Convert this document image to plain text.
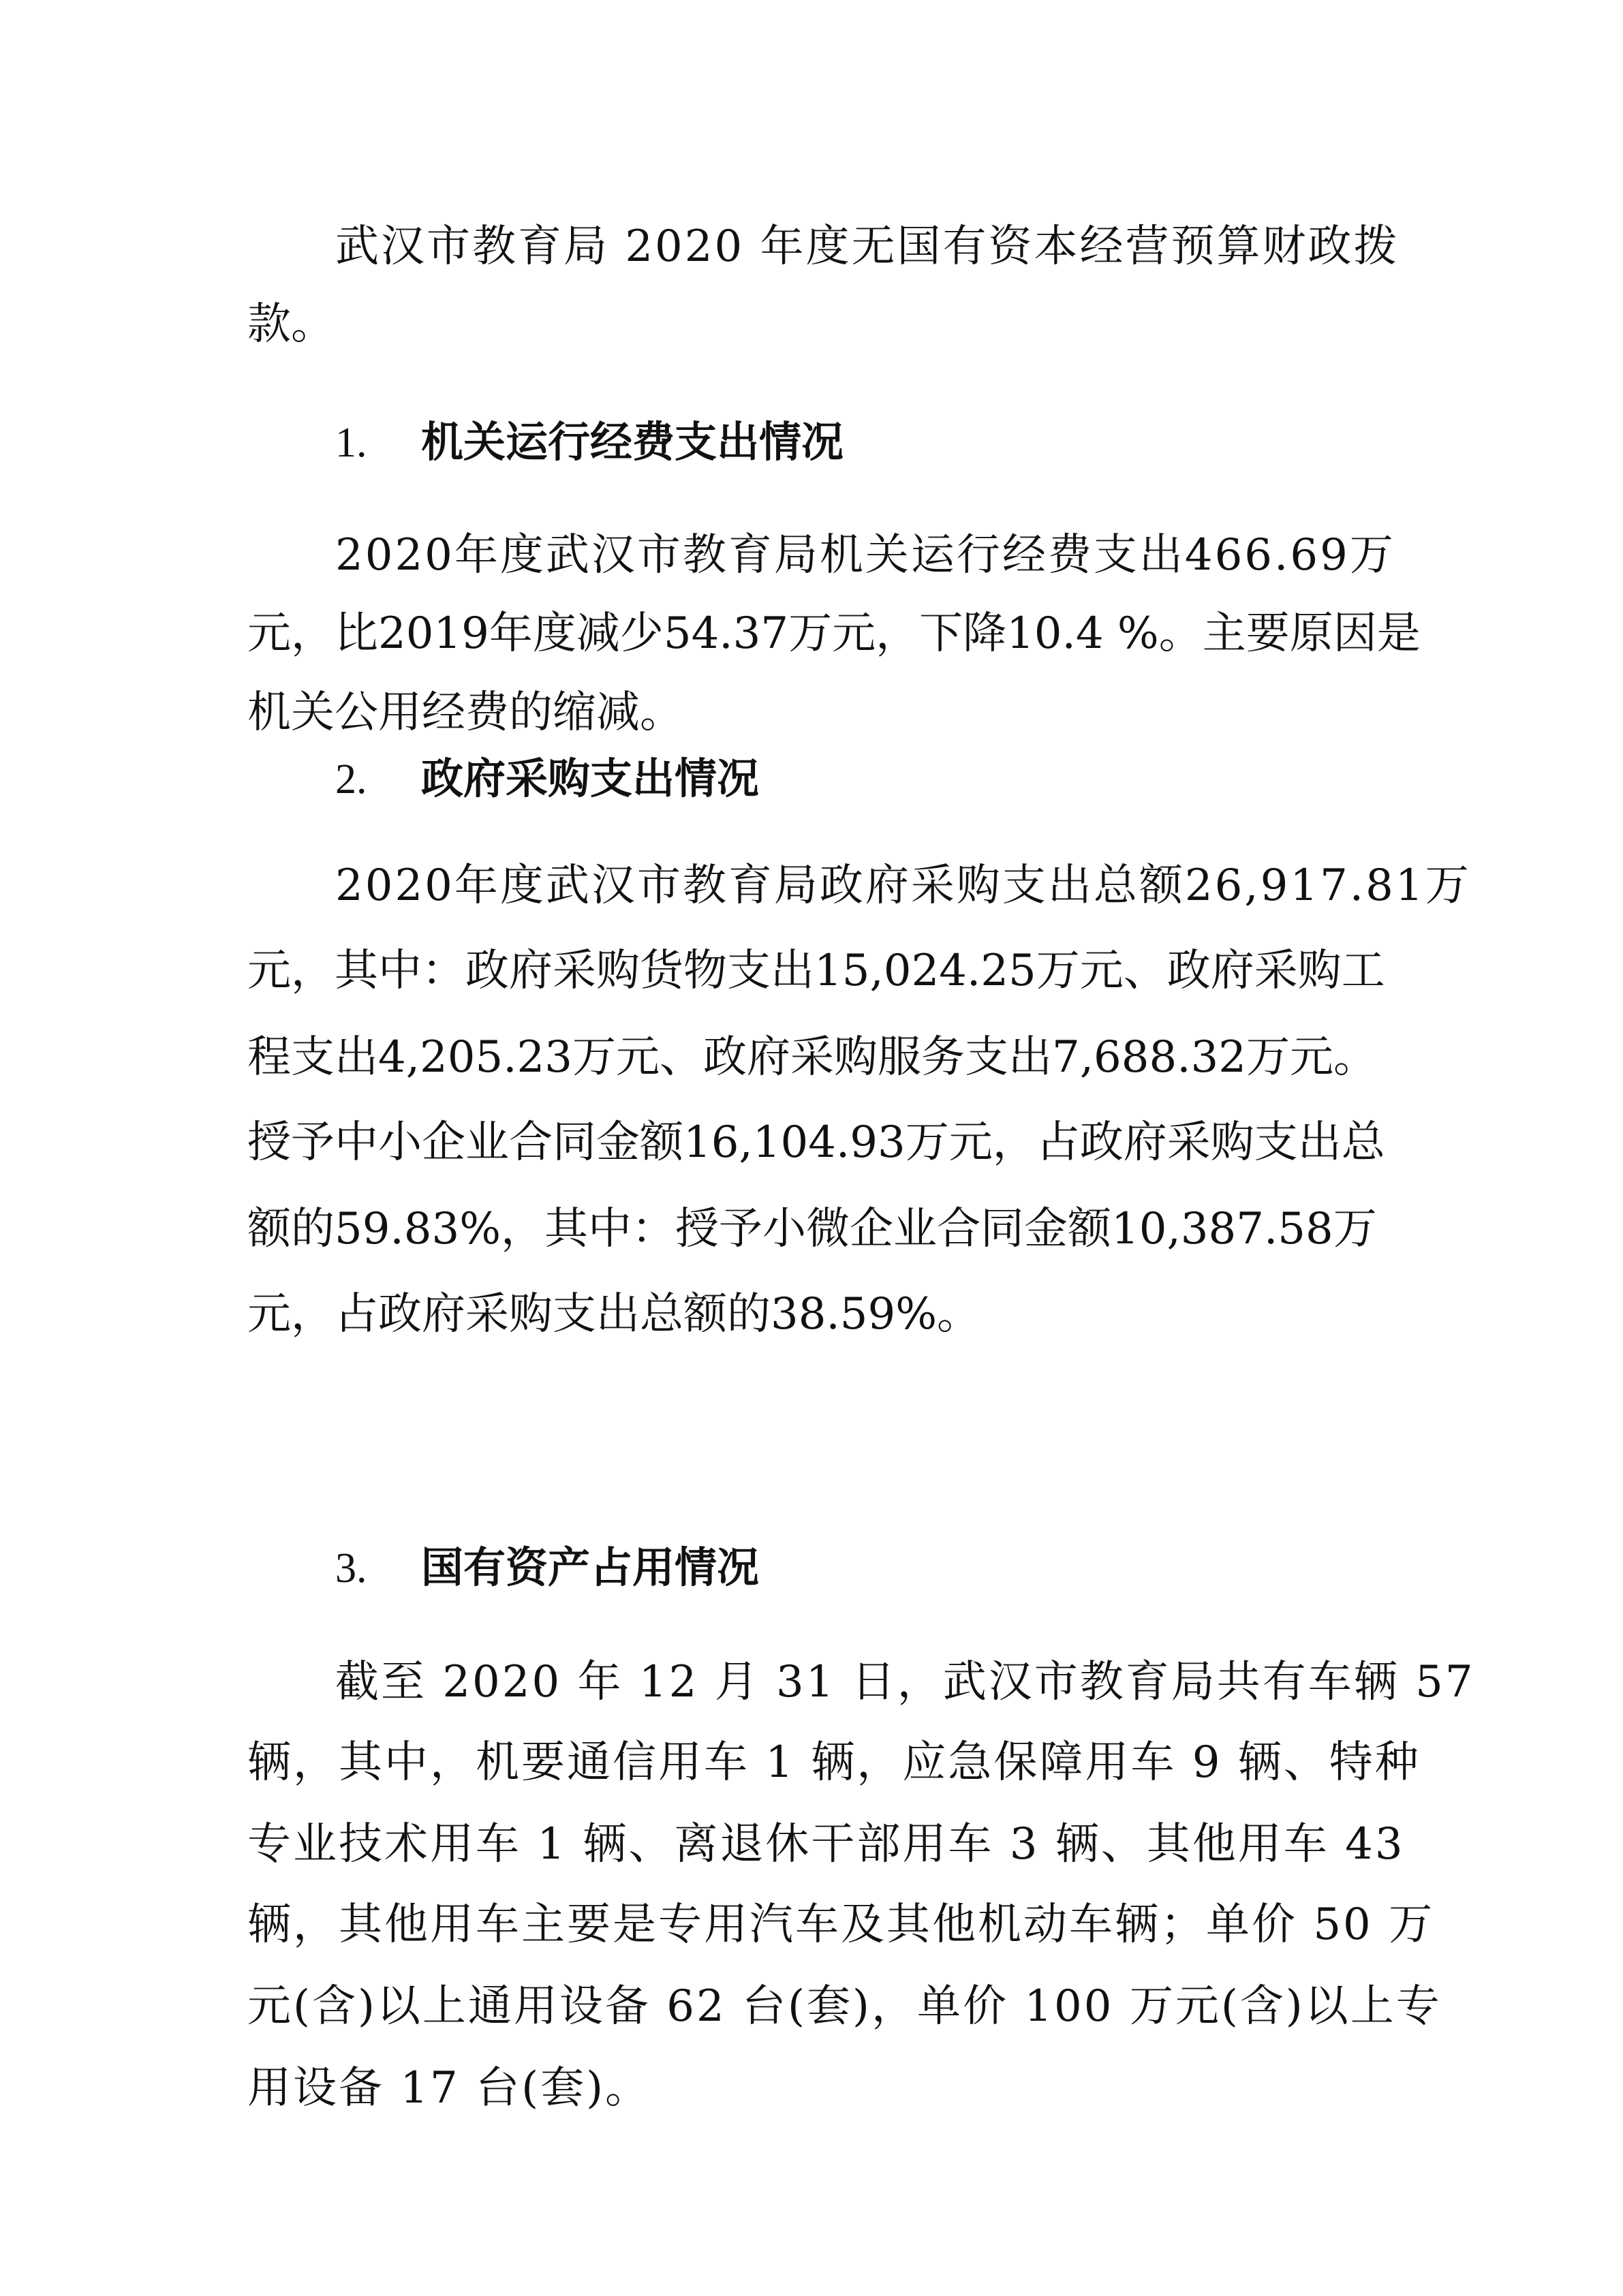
武汉市教育局 2020 年度无国有资本经营预算财政拨

款。

1. 机关运行经费支出情况

2020年度武汉市教育局机关运行经费支出466.69万

元，比2019年度减少54.37万元，下降10.4 %。主要原因是

机关公用经费的缩减。

2. 政府采购支出情况

2020年度武汉市教育局政府采购支出总额26,917.81万

元，其中：政府采购货物支出15,024.25万元、政府采购工

程支出4,205.23万元、政府采购服务支出7,688.32万元。

授予中小企业合同金额16,104.93万元，占政府采购支出总

额的59.83%，其中：授予小微企业合同金额10,387.58万

元，占政府采购支出总额的38.59%。

3. 国有资产占用情况

截至 2020 年 12 月 31 日，武汉市教育局共有车辆 57

辆，其中，机要通信用车 1 辆，应急保障用车 9 辆、特种

专业技术用车 1 辆、离退休干部用车 3 辆、其他用车 43

辆，其他用车主要是专用汽车及其他机动车辆；单价 50 万

元(含)以上通用设备 62 台(套)，单价 100 万元(含)以上专

用设备 17 台(套)。
